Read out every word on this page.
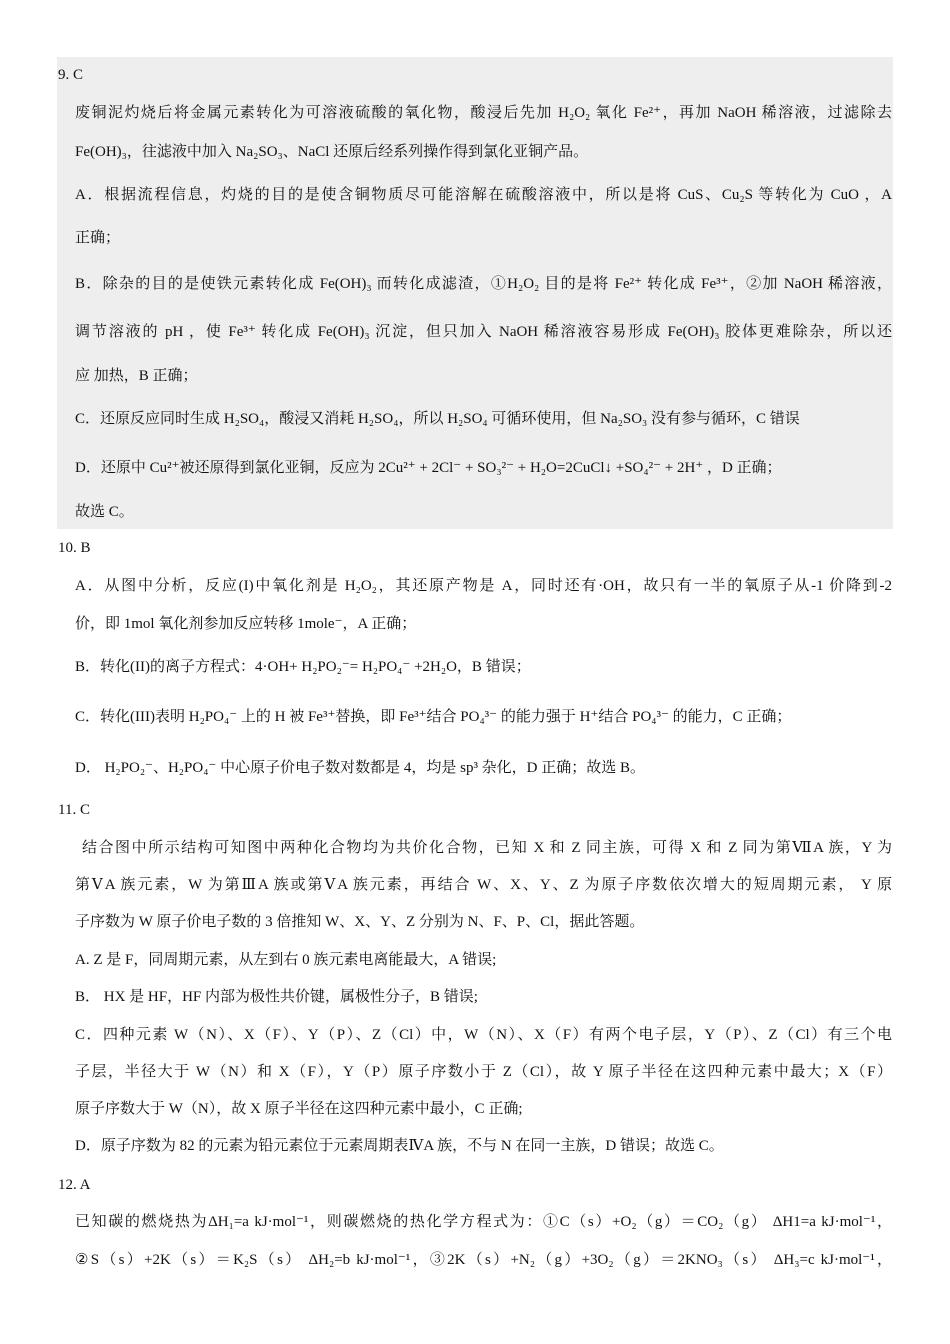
9. C
废铜泥灼烧后将金属元素转化为可溶液硫酸的氧化物，酸浸后先加 H₂O₂ 氧化 Fe²⁺，再加 NaOH 稀溶液，过滤除去
Fe(OH)₃，往滤液中加入 Na₂SO₃、NaCl 还原后经系列操作得到氯化亚铜产品。
A．根据流程信息，灼烧的目的是使含铜物质尽可能溶解在硫酸溶液中，所以是将 CuS、Cu₂S 等转化为 CuO ，A
正确；
B．除杂的目的是使铁元素转化成 Fe(OH)₃ 而转化成滤渣，①H₂O₂ 目的是将 Fe²⁺ 转化成 Fe³⁺，②加 NaOH 稀溶液，
调节溶液的 pH ，使 Fe³⁺ 转化成 Fe(OH)₃ 沉淀，但只加入 NaOH 稀溶液容易形成 Fe(OH)₃ 胶体更难除杂，所以还
应 加热，B 正确；
C．还原反应同时生成 H₂SO₄，酸浸又消耗 H₂SO₄，所以 H₂SO₄ 可循环使用，但 Na₂SO₃ 没有参与循环，C 错误
D．还原中 Cu²⁺被还原得到氯化亚铜，反应为 2Cu²⁺ + 2Cl⁻ + SO₃²⁻ + H₂O=2CuCl↓ +SO₄²⁻ + 2H⁺ ，D 正确；
故选 C。
10. B
A．从图中分析，反应(I)中氧化剂是 H₂O₂，其还原产物是 A，同时还有·OH，故只有一半的氧原子从-1 价降到-2
价，即 1mol 氧化剂参加反应转移 1mole⁻，A 正确；
B．转化(II)的离子方程式：4·OH+ H₂PO₂⁻= H₂PO₄⁻ +2H₂O，B 错误；
C．转化(III)表明 H₂PO₄⁻ 上的 H 被 Fe³⁺替换，即 Fe³⁺结合 PO₄³⁻ 的能力强于 H⁺结合 PO₄³⁻ 的能力，C 正确；
D． H₂PO₂⁻、H₂PO₄⁻ 中心原子价电子数对数都是 4，均是 sp³ 杂化，D 正确；故选 B。
11. C
结合图中所示结构可知图中两种化合物均为共价化合物，已知 X 和 Z 同主族，可得 X 和 Z 同为第ⅦA 族，Y 为
第ⅤA 族元素，W 为第ⅢA 族或第ⅤA 族元素，再结合 W、X、Y、Z 为原子序数依次增大的短周期元素， Y 原
子序数为 W 原子价电子数的 3 倍推知 W、X、Y、Z 分别为 N、F、P、Cl，据此答题。
A. Z 是 F，同周期元素，从左到右 0 族元素电离能最大，A 错误;
B． HX 是 HF，HF 内部为极性共价键，属极性分子，B 错误;
C．四种元素 W（N）、X（F）、Y（P）、Z（Cl）中，W（N）、X（F）有两个电子层，Y（P）、Z（Cl）有三个电
子层，半径大于 W（N）和 X（F），Y（P）原子序数小于 Z（Cl），故 Y 原子半径在这四种元素中最大；X（F）
原子序数大于 W（N），故 X 原子半径在这四种元素中最小，C 正确;
D．原子序数为 82 的元素为铅元素位于元素周期表ⅣA 族，不与 N 在同一主族，D 错误；故选 C。
12. A
已知碳的燃烧热为ΔH₁=a kJ·mol⁻¹，则碳燃烧的热化学方程式为：①C（s）+O₂（g）＝CO₂（g） ΔH1=a kJ·mol⁻¹，
②S（s）+2K（s）＝K₂S（s） ΔH₂=b kJ·mol⁻¹，③2K（s）+N₂（g）+3O₂（g）＝2KNO₃（s） ΔH₃=c kJ·mol⁻¹，
